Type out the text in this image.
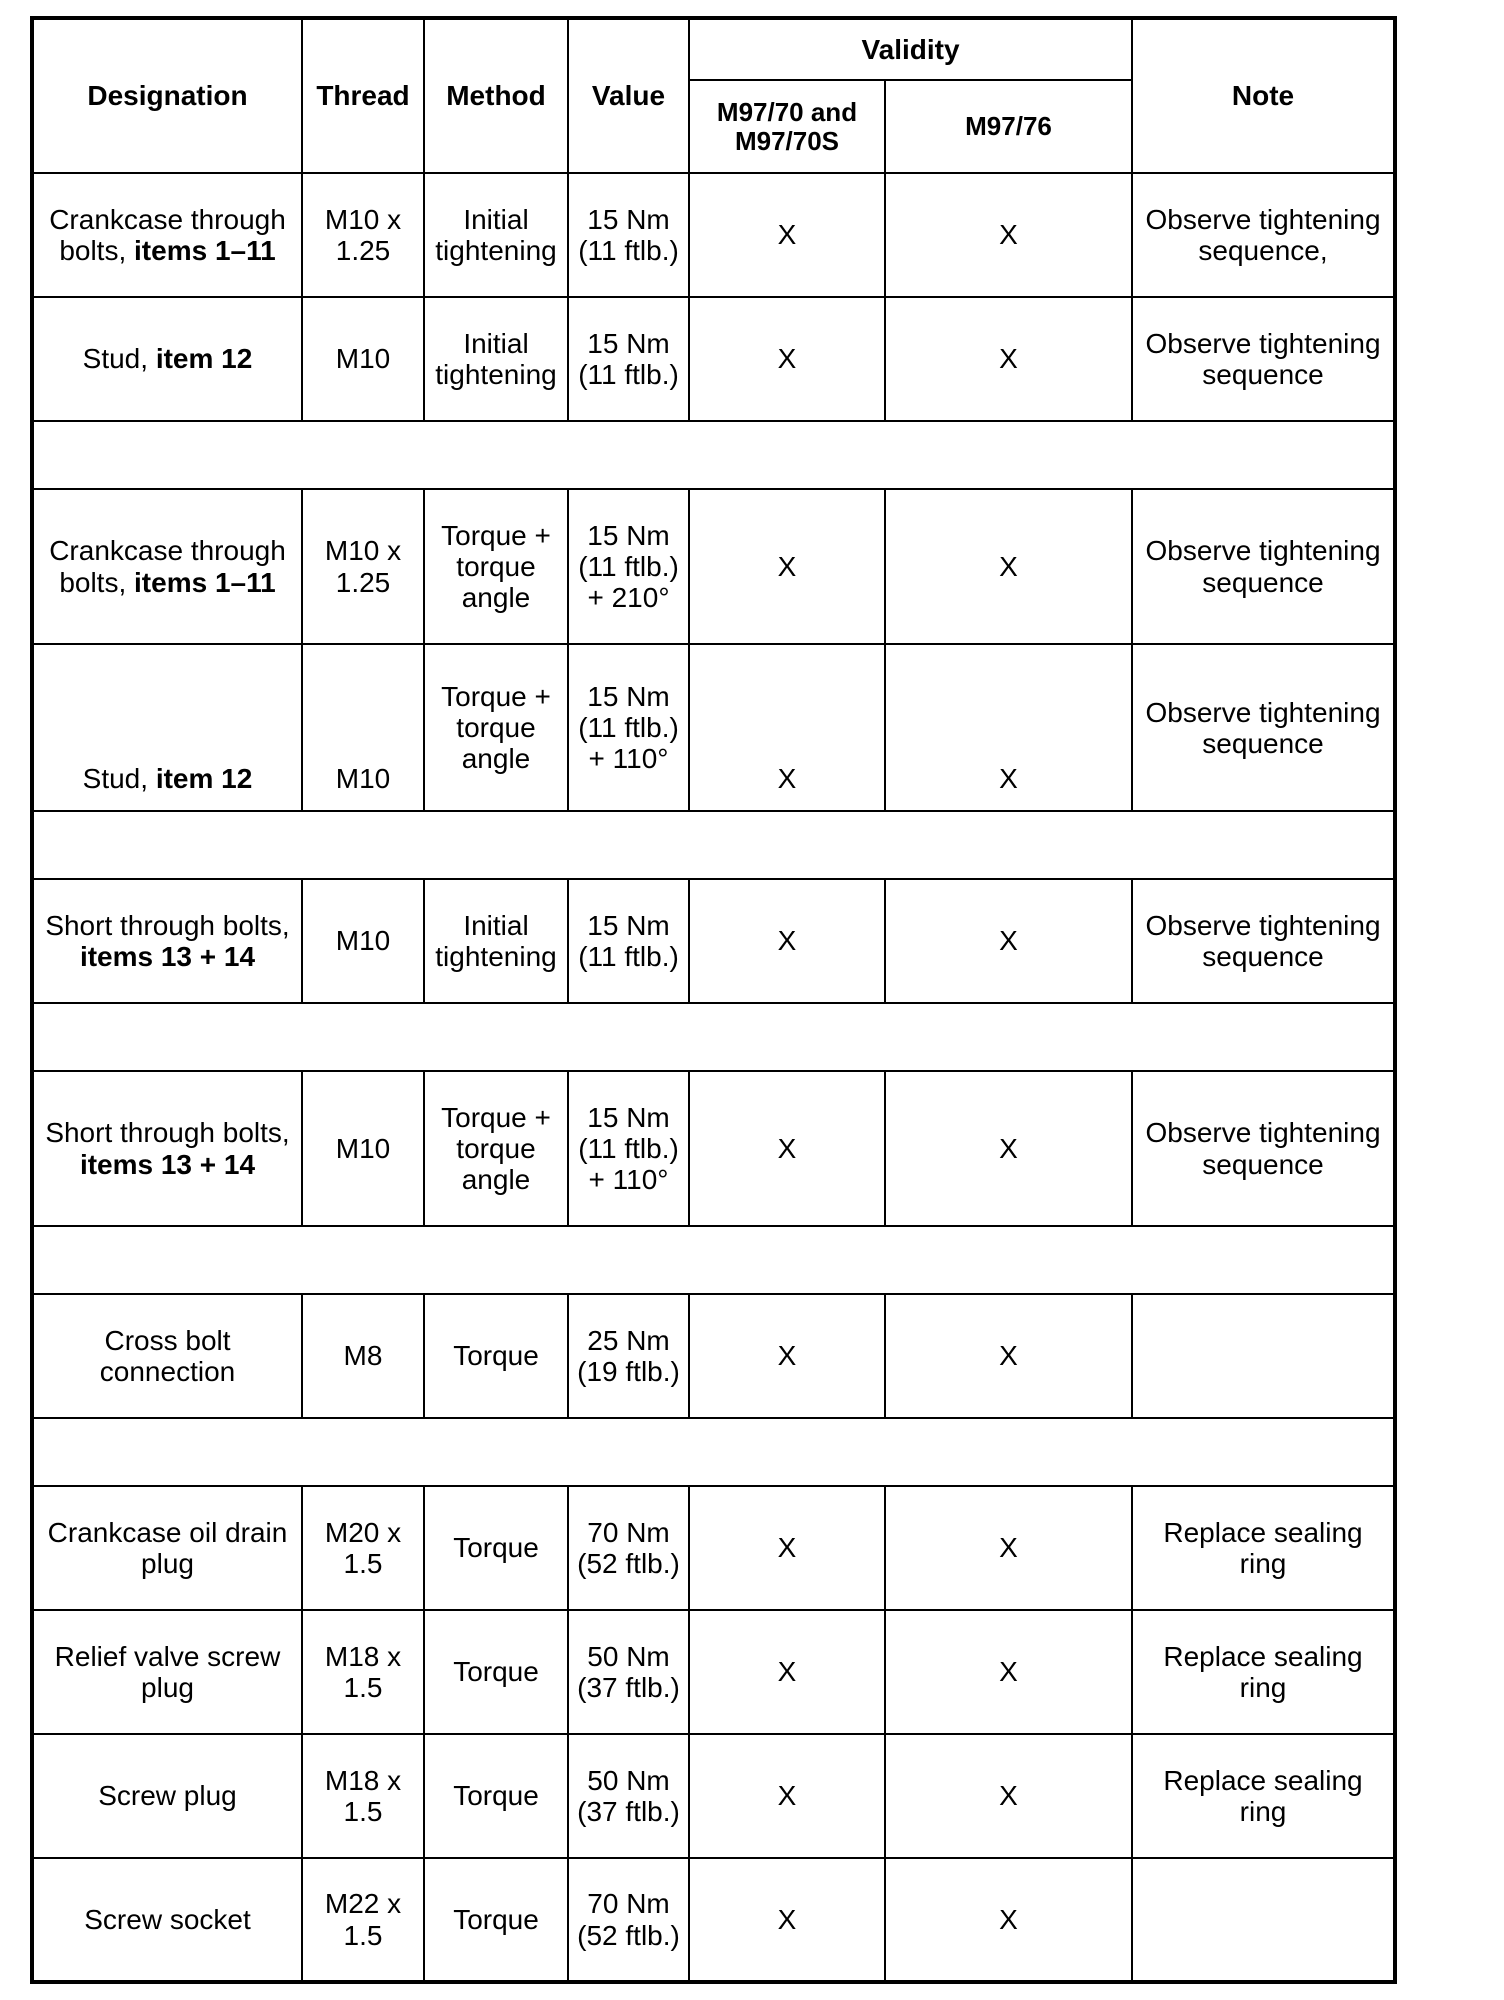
Designation	Thread	Method	Value	Validity		Note
				M97/70 and M97/70S	M97/76	
Crankcase through bolts, items 1–11	M10 x 1.25	Initial tightening	15 Nm (11 ftlb.)	X	X	Observe tightening sequence,
Stud, item 12	M10	Initial tightening	15 Nm (11 ftlb.)	X	X	Observe tightening sequence

Crankcase through bolts, items 1–11	M10 x 1.25	Torque + torque angle	15 Nm (11 ftlb.) + 210°	X	X	Observe tightening sequence
Stud, item 12	M10	Torque + torque angle	15 Nm (11 ftlb.) + 110°	X	X	Observe tightening sequence

Short through bolts, items 13 + 14	M10	Initial tightening	15 Nm (11 ftlb.)	X	X	Observe tightening sequence

Short through bolts, items 13 + 14	M10	Torque + torque angle	15 Nm (11 ftlb.) + 110°	X	X	Observe tightening sequence

Cross bolt connection	M8	Torque	25 Nm (19 ftlb.)	X	X	

Crankcase oil drain plug	M20 x 1.5	Torque	70 Nm (52 ftlb.)	X	X	Replace sealing ring
Relief valve screw plug	M18 x 1.5	Torque	50 Nm (37 ftlb.)	X	X	Replace sealing ring
Screw plug	M18 x 1.5	Torque	50 Nm (37 ftlb.)	X	X	Replace sealing ring
Screw socket	M22 x 1.5	Torque	70 Nm (52 ftlb.)	X	X	
